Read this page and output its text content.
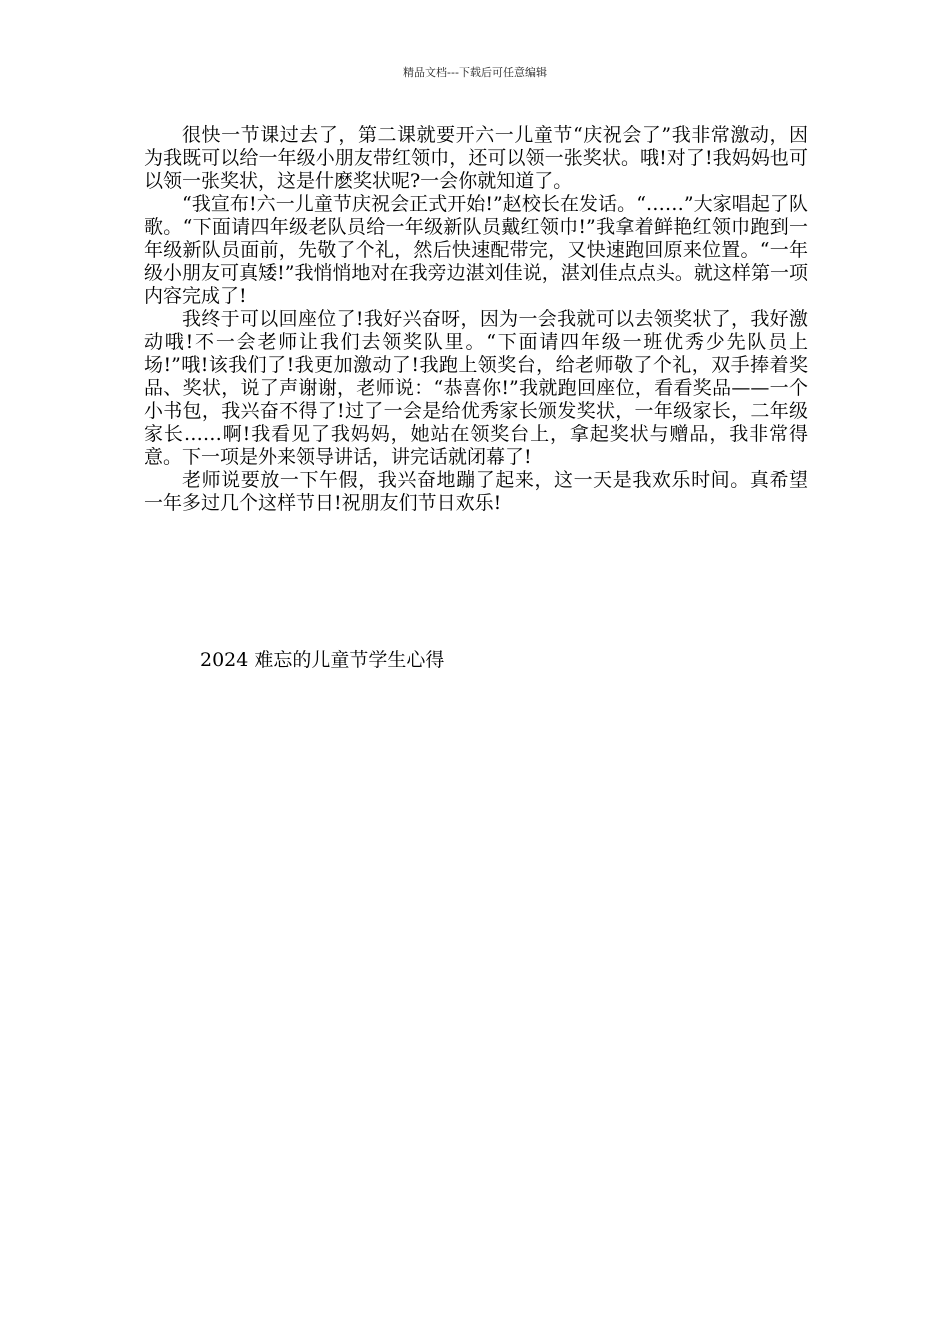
精品文档---下载后可任意编辑

很快一节课过去了，第二课就要开六一儿童节“庆祝会了”我非常激动，因为我既可以给一年级小朋友带红领巾，还可以领一张奖状。哦!对了!我妈妈也可以领一张奖状，这是什麽奖状呢?一会你就知道了。

“我宣布!六一儿童节庆祝会正式开始!”赵校长在发话。“……”大家唱起了队歌。“下面请四年级老队员给一年级新队员戴红领巾!”我拿着鲜艳红领巾跑到一年级新队员面前，先敬了个礼，然后快速配带完，又快速跑回原来位置。“一年级小朋友可真矮!”我悄悄地对在我旁边湛刘佳说，湛刘佳点点头。就这样第一项内容完成了!

我终于可以回座位了!我好兴奋呀，因为一会我就可以去领奖状了，我好激动哦!不一会老师让我们去领奖队里。“下面请四年级一班优秀少先队员上场!”哦!该我们了!我更加激动了!我跑上领奖台，给老师敬了个礼，双手捧着奖品、奖状，说了声谢谢，老师说：“恭喜你!”我就跑回座位，看看奖品——一个小书包，我兴奋不得了!过了一会是给优秀家长颁发奖状，一年级家长，二年级家长……啊!我看见了我妈妈，她站在领奖台上，拿起奖状与赠品，我非常得意。下一项是外来领导讲话，讲完话就闭幕了!

老师说要放一下午假，我兴奋地蹦了起来，这一天是我欢乐时间。真希望一年多过几个这样节日!祝朋友们节日欢乐!

2024 难忘的儿童节学生心得
